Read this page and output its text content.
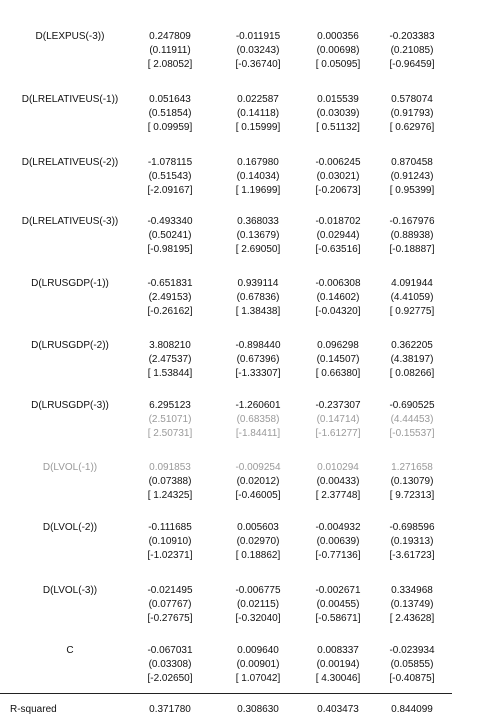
D(LEXPUS(-3))	0.247809	-0.011915	0.000356	-0.203383
(0.11911)	(0.03243)	(0.00698)	(0.21085)
[ 2.08052]	[-0.36740]	[ 0.05095]	[-0.96459]
D(LRELATIVEUS(-1))	0.051643	0.022587	0.015539	0.578074
(0.51854)	(0.14118)	(0.03039)	(0.91793)
[ 0.09959]	[ 0.15999]	[ 0.51132]	[ 0.62976]
D(LRELATIVEUS(-2))	-1.078115	0.167980	-0.006245	0.870458
(0.51543)	(0.14034)	(0.03021)	(0.91243)
[-2.09167]	[ 1.19699]	[-0.20673]	[ 0.95399]
D(LRELATIVEUS(-3))	-0.493340	0.368033	-0.018702	-0.167976
(0.50241)	(0.13679)	(0.02944)	(0.88938)
[-0.98195]	[ 2.69050]	[-0.63516]	[-0.18887]
D(LRUSGDP(-1))	-0.651831	0.939114	-0.006308	4.091944
(2.49153)	(0.67836)	(0.14602)	(4.41059)
[-0.26162]	[ 1.38438]	[-0.04320]	[ 0.92775]
D(LRUSGDP(-2))	3.808210	-0.898440	0.096298	0.362205
(2.47537)	(0.67396)	(0.14507)	(4.38197)
[ 1.53844]	[-1.33307]	[ 0.66380]	[ 0.08266]
D(LRUSGDP(-3))	6.295123	-1.260601	-0.237307	-0.690525
(2.51071)	(0.68358)	(0.14714)	(4.44453)
[ 2.50731]	[-1.84411]	[-1.61277]	[-0.15537]
D(LVOL(-1))	0.091853	-0.009254	0.010294	1.271658
(0.07388)	(0.02012)	(0.00433)	(0.13079)
[ 1.24325]	[-0.46005]	[ 2.37748]	[ 9.72313]
D(LVOL(-2))	-0.111685	0.005603	-0.004932	-0.698596
(0.10910)	(0.02970)	(0.00639)	(0.19313)
[-1.02371]	[ 0.18862]	[-0.77136]	[-3.61723]
D(LVOL(-3))	-0.021495	-0.006775	-0.002671	0.334968
(0.07767)	(0.02115)	(0.00455)	(0.13749)
[-0.27675]	[-0.32040]	[-0.58671]	[ 2.43628]
C	-0.067031	0.009640	0.008337	-0.023934
(0.03308)	(0.00901)	(0.00194)	(0.05855)
[-2.02650]	[ 1.07042]	[ 4.30046]	[-0.40875]
R-squared	0.371780	0.308630	0.403473	0.844099
